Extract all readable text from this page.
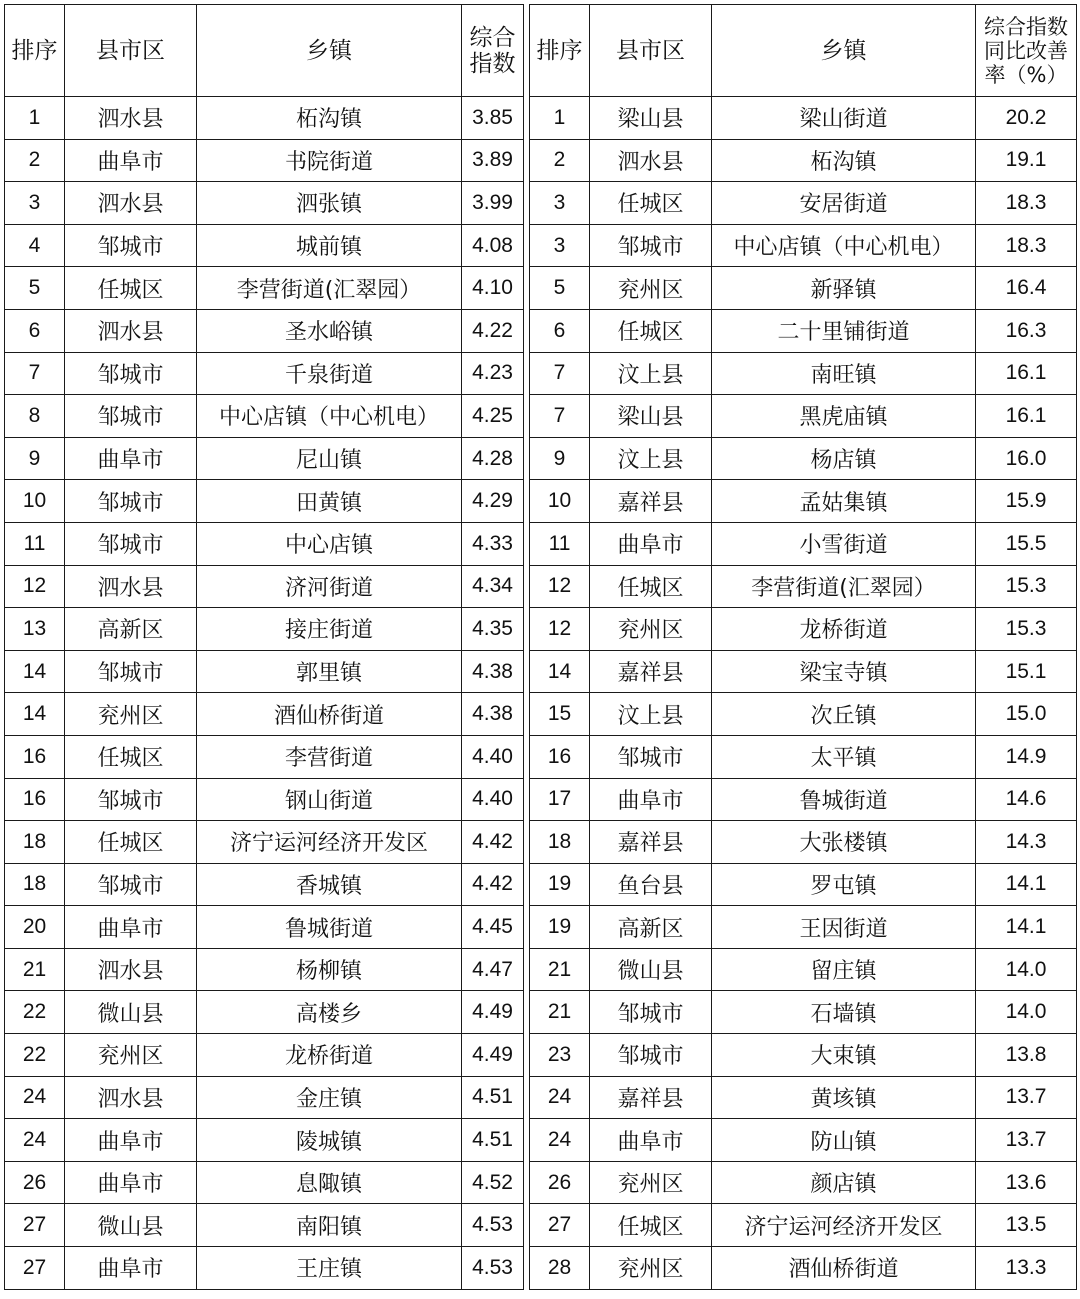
排序	县市区	乡镇	综合 指数
1	泗水县	柘沟镇	3.85
2	曲阜市	书院街道	3.89
3	泗水县	泗张镇	3.99
4	邹城市	城前镇	4.08
5	任城区	李营街道(汇翠园）	4.10
6	泗水县	圣水峪镇	4.22
7	邹城市	千泉街道	4.23
8	邹城市	中心店镇（中心机电）	4.25
9	曲阜市	尼山镇	4.28
10	邹城市	田黄镇	4.29
11	邹城市	中心店镇	4.33
12	泗水县	济河街道	4.34
13	高新区	接庄街道	4.35
14	邹城市	郭里镇	4.38
14	兖州区	酒仙桥街道	4.38
16	任城区	李营街道	4.40
16	邹城市	钢山街道	4.40
18	任城区	济宁运河经济开发区	4.42
18	邹城市	香城镇	4.42
20	曲阜市	鲁城街道	4.45
21	泗水县	杨柳镇	4.47
22	微山县	高楼乡	4.49
22	兖州区	龙桥街道	4.49
24	泗水县	金庄镇	4.51
24	曲阜市	陵城镇	4.51
26	曲阜市	息陬镇	4.52
27	微山县	南阳镇	4.53
27	曲阜市	王庄镇	4.53
排序	县市区	乡镇	综合指数 同比改善 率（%）
1	梁山县	梁山街道	20.2
2	泗水县	柘沟镇	19.1
3	任城区	安居街道	18.3
3	邹城市	中心店镇（中心机电）	18.3
5	兖州区	新驿镇	16.4
6	任城区	二十里铺街道	16.3
7	汶上县	南旺镇	16.1
7	梁山县	黑虎庙镇	16.1
9	汶上县	杨店镇	16.0
10	嘉祥县	孟姑集镇	15.9
11	曲阜市	小雪街道	15.5
12	任城区	李营街道(汇翠园）	15.3
12	兖州区	龙桥街道	15.3
14	嘉祥县	梁宝寺镇	15.1
15	汶上县	次丘镇	15.0
16	邹城市	太平镇	14.9
17	曲阜市	鲁城街道	14.6
18	嘉祥县	大张楼镇	14.3
19	鱼台县	罗屯镇	14.1
19	高新区	王因街道	14.1
21	微山县	留庄镇	14.0
21	邹城市	石墙镇	14.0
23	邹城市	大束镇	13.8
24	嘉祥县	黄垓镇	13.7
24	曲阜市	防山镇	13.7
26	兖州区	颜店镇	13.6
27	任城区	济宁运河经济开发区	13.5
28	兖州区	酒仙桥街道	13.3
